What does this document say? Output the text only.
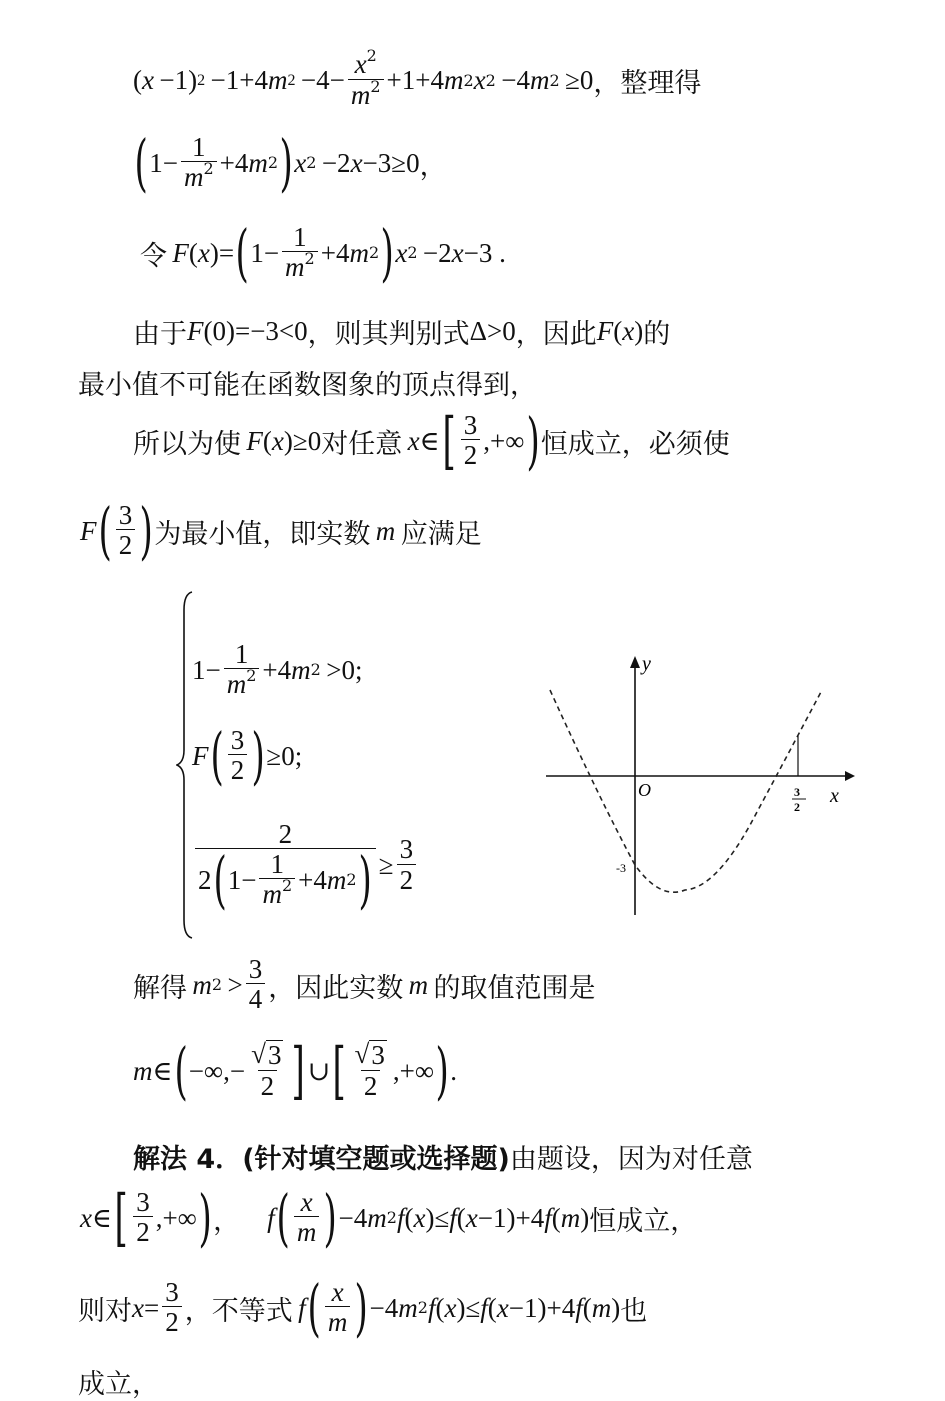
( x  −1) 2  −1+4 m $2 -4- \frac{x^2}{m^2} +1+4$ m 2 x 2  −4 m 2  ≥0 ，整理得
( $1- \frac{1}{m^2} +4$ m 2 ) x 2  −2 x −3≥0 ，
令  F ( x )= ( $1- \frac{1}{m^2} +4$ m 2 ) x 2  −2 x −3 .
由于 F (0)=−3<0 ，则其判别式 Δ>0 ，因此 F ( x ) 的
最小值不可能在函数图象的顶点得到，
所以为使  F ( x )≥0 对任意  x ∈ [ $\frac{3}{2}$ ,+∞ ) 恒成立，必须使
F ( $\frac{3}{2}$ ) 为最小值，即实数  m  应满足
$1- \frac{1}{m^2} +4$ m 2  >0;
F ( $\frac{3}{2}$ ) ≥0;
$\frac{2}{2 ( 1- \frac{1}{m^2} +4 m 2 )} \ge \frac{3}{2}$
y
x
O
-3
3
2
解得  m $2 > \frac{3}{4}$ ，因此实数  m  的取值范围是
m ∈ ( −∞,− $\frac{√ 3}{2}$ ] ∪ [ $\frac{√ 3}{2}$ ,+∞ ) .
解法 4． (针对填空题或选择题) 由题设，因为对任意
x ∈ [ $\frac{3}{2}$ ,+∞ ) ，  f ( $\frac{x}{m}$ ) −4 m 2 f ( x )≤ f ( x −1)+4 f ( m ) 恒成立，
则对 $x = \frac{3}{2}$ ，不等式  f ( $\frac{x}{m}$ ) −4 m 2 f ( x )≤ f ( x −1)+4 f ( m ) 也
成立，
